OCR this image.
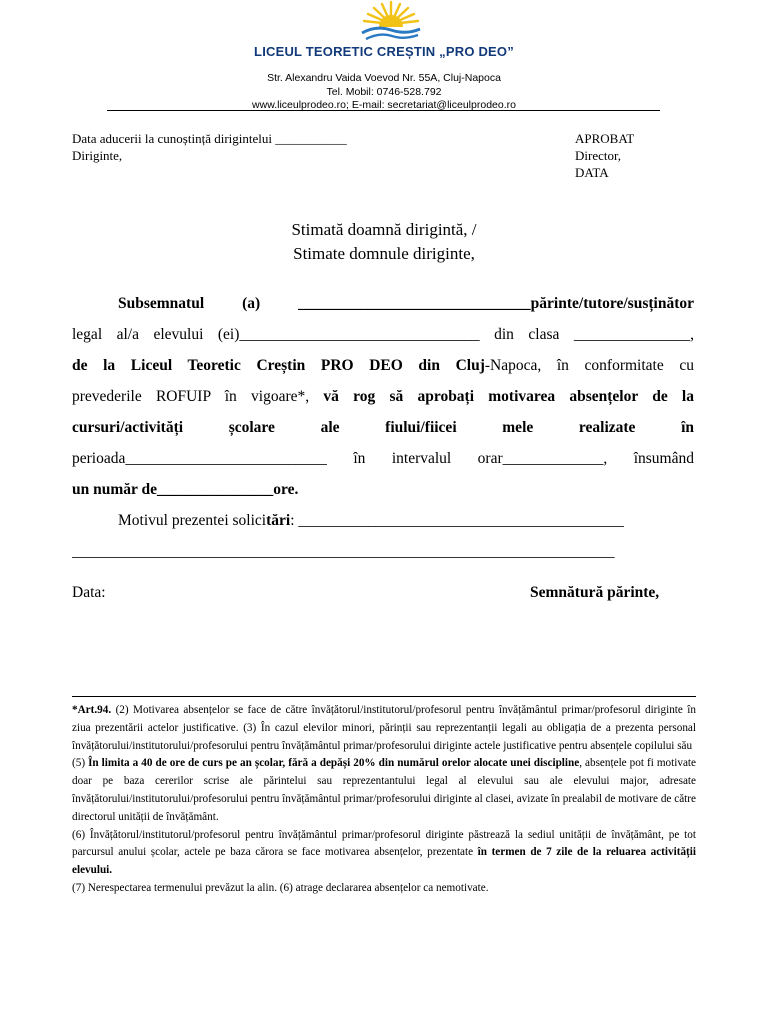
LICEUL TEORETIC CREȘTIN „PRO DEO”
Str. Alexandru Vaida Voevod Nr. 55A, Cluj-Napoca
Tel. Mobil: 0746-528.792
www.liceulprodeo.ro; E-mail: secretariat@liceulprodeo.ro
Data aducerii la cunoștință dirigintelui ___________
Diriginte,
APROBAT
Director,
DATA
Stimată doamnă dirigintă, /
Stimate domnule diriginte,
Subsemnatul (a) ______________________________părinte/tutore/susținător
legal al/a elevului (ei)_______________________________ din clasa _______________,
de la Liceul Teoretic Creștin PRO DEO din Cluj-Napoca, în conformitate cu
prevederile ROFUIP în vigoare*, vă rog să aprobați motivarea absențelor de la
cursuri/activități școlare ale fiului/fiicei mele realizate în
perioada__________________________ în intervalul orar_____________, însumând
un număr de_______________ore.
Motivul prezentei solicitări: __________________________________________
______________________________________________________________________
Data:	Semnătură părinte,

*Art.94. (2) Motivarea absențelor se face de către învățătorul/institutorul/profesorul pentru învățământul primar/profesorul diriginte în ziua prezentării actelor justificative. (3) În cazul elevilor minori, părinții sau reprezentanții legali au obligația de a prezenta personal învățătorului/institutorului/profesorului pentru învățământul primar/profesorului diriginte actele justificative pentru absențele copilului său

(5) În limita a 40 de ore de curs pe an școlar, fără a depăși 20% din numărul orelor alocate unei discipline, absențele pot fi motivate doar pe baza cererilor scrise ale părintelui sau reprezentantului legal al elevului sau ale elevului major, adresate învățătorului/institutorului/profesorului pentru învățământul primar/profesorului diriginte al clasei, avizate în prealabil de motivare de către directorul unității de învățământ.

(6) Învățătorul/institutorul/profesorul pentru învățământul primar/profesorul diriginte păstrează la sediul unității de învățământ, pe tot parcursul anului școlar, actele pe baza cărora se face motivarea absențelor, prezentate în termen de 7 zile de la reluarea activității elevului.

(7) Nerespectarea termenului prevăzut la alin. (6) atrage declararea absențelor ca nemotivate.
